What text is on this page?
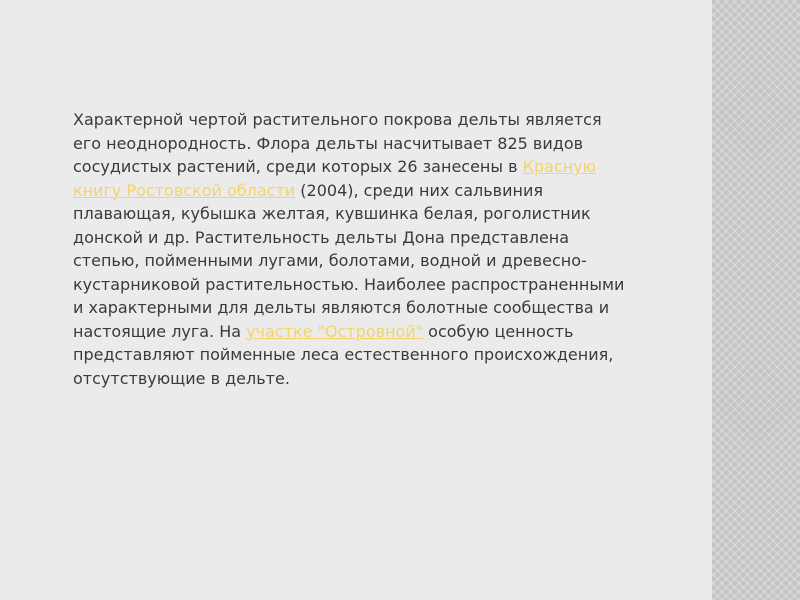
Характерной чертой растительного покрова дельты является его неоднородность. Флора дельты насчитывает 825 видов сосудистых растений, среди которых 26 занесены в Красную книгу Ростовской области (2004), среди них сальвиния плавающая, кубышка желтая, кувшинка белая, роголистник донской и др. Растительность дельты Дона представлена степью, пойменными лугами, болотами, водной и древесно-кустарниковой растительностью. Наиболее распространенными и характерными для дельты являются болотные сообщества и настоящие луга. На участке "Островной" особую ценность представляют пойменные леса естественного происхождения, отсутствующие в дельте.
